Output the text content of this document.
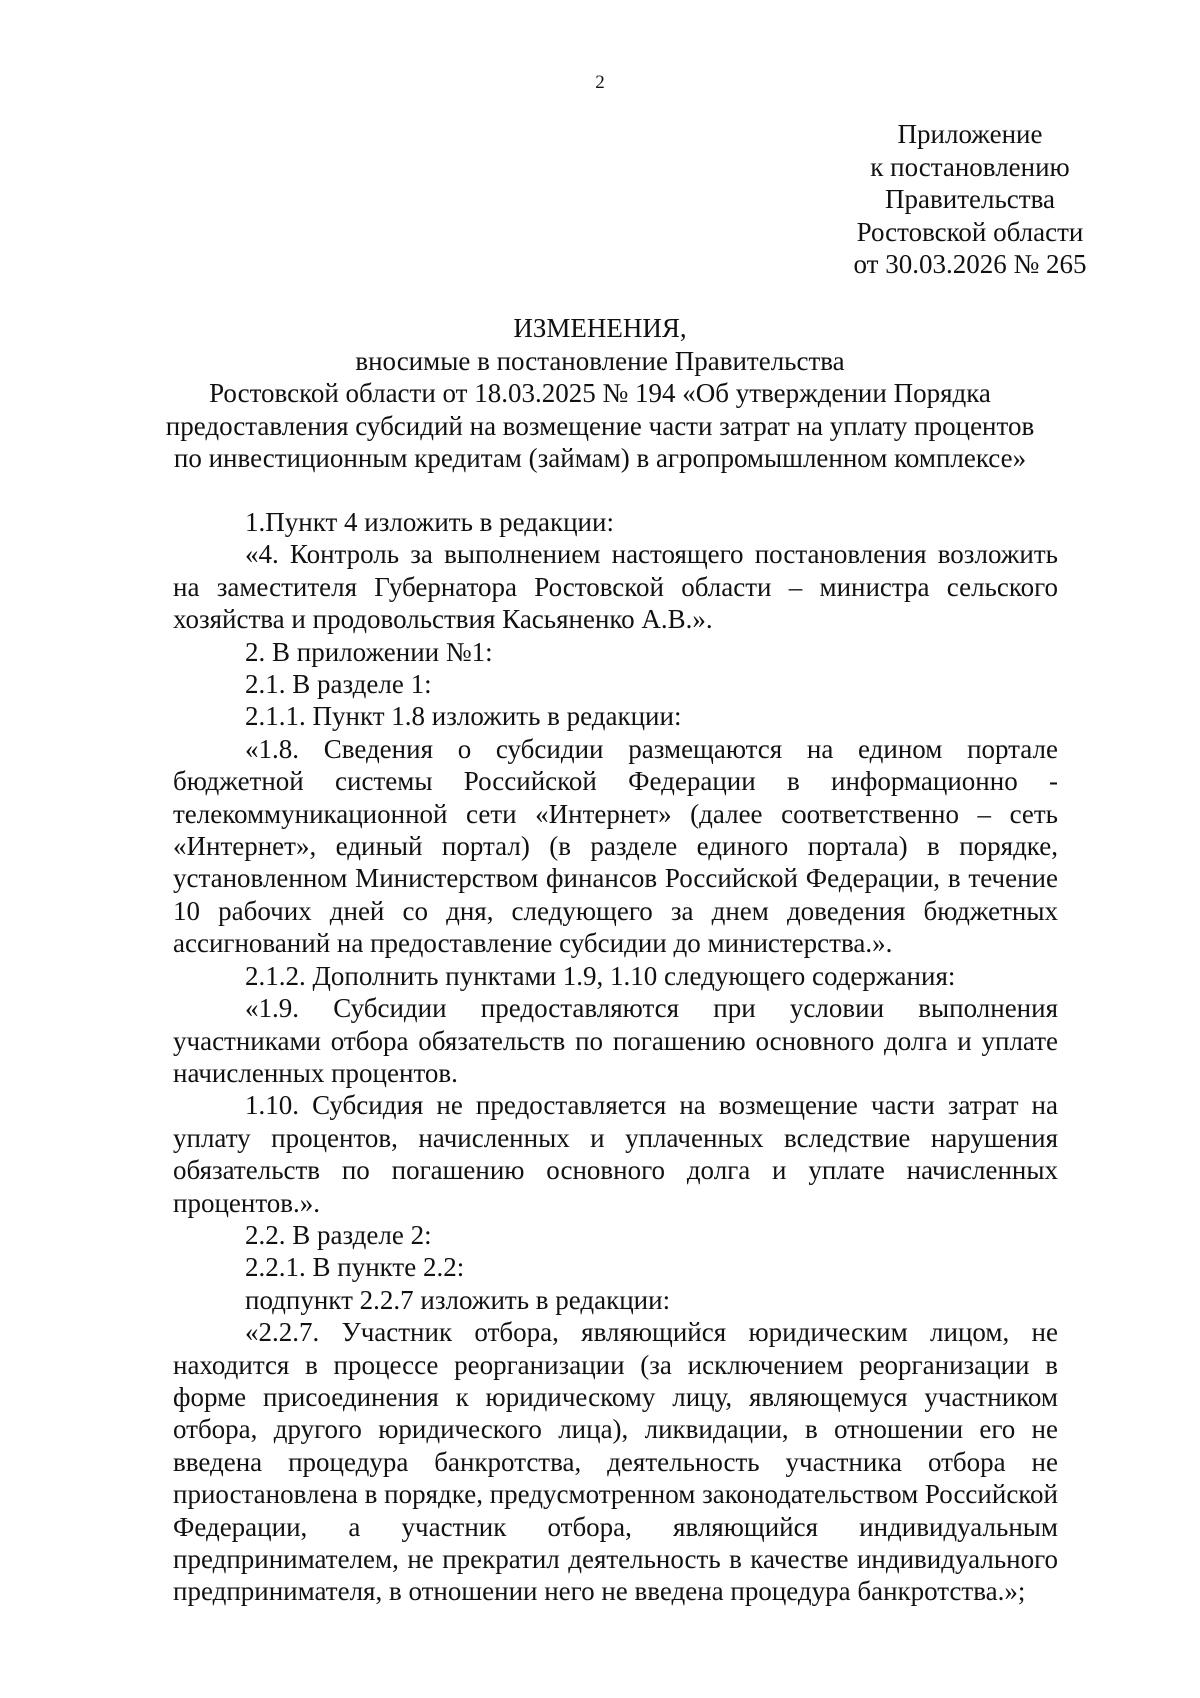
2
Приложение
к постановлению
Правительства
Ростовской области
от 30.03.2026 № 265
ИЗМЕНЕНИЯ,
вносимые в постановление Правительства
Ростовской области от 18.03.2025 № 194 «Об утверждении Порядка
предоставления субсидий на возмещение части затрат на уплату процентов
по инвестиционным кредитам (займам) в агропромышленном комплексе»

1.Пункт 4 изложить в редакции:

«4. Контроль за выполнением настоящего постановления возложить на заместителя Губернатора Ростовской области – министра сельского хозяйства и продовольствия Касьяненко А.В.».

2. В приложении №1:

2.1. В разделе 1:

2.1.1. Пункт 1.8 изложить в редакции:

«1.8. Сведения о субсидии размещаются на едином портале бюджетной системы Российской Федерации в информационно - телекоммуникационной сети «Интернет» (далее соответственно – сеть «Интернет», единый портал) (в разделе единого портала) в порядке, установленном Министерством финансов Российской Федерации, в течение 10 рабочих дней со дня, следующего за днем доведения бюджетных ассигнований на предоставление субсидии до министерства.».

2.1.2. Дополнить пунктами 1.9, 1.10 следующего содержания:

«1.9. Субсидии предоставляются при условии выполнения участниками отбора обязательств по погашению основного долга и уплате начисленных процентов.

1.10. Субсидия не предоставляется на возмещение части затрат на уплату процентов, начисленных и уплаченных вследствие нарушения обязательств по погашению основного долга и уплате начисленных процентов.».

2.2. В разделе 2:

2.2.1. В пункте 2.2:

подпункт 2.2.7 изложить в редакции:

«2.2.7. Участник отбора, являющийся юридическим лицом, не находится в процессе реорганизации (за исключением реорганизации в форме присоединения к юридическому лицу, являющемуся участником отбора, другого юридического лица), ликвидации, в отношении его не введена процедура банкротства, деятельность участника отбора не приостановлена в порядке, предусмотренном законодательством Российской Федерации, а участник отбора, являющийся индивидуальным предпринимателем, не прекратил деятельность в качестве индивидуального предпринимателя, в отношении него не введена процедура банкротства.»;
